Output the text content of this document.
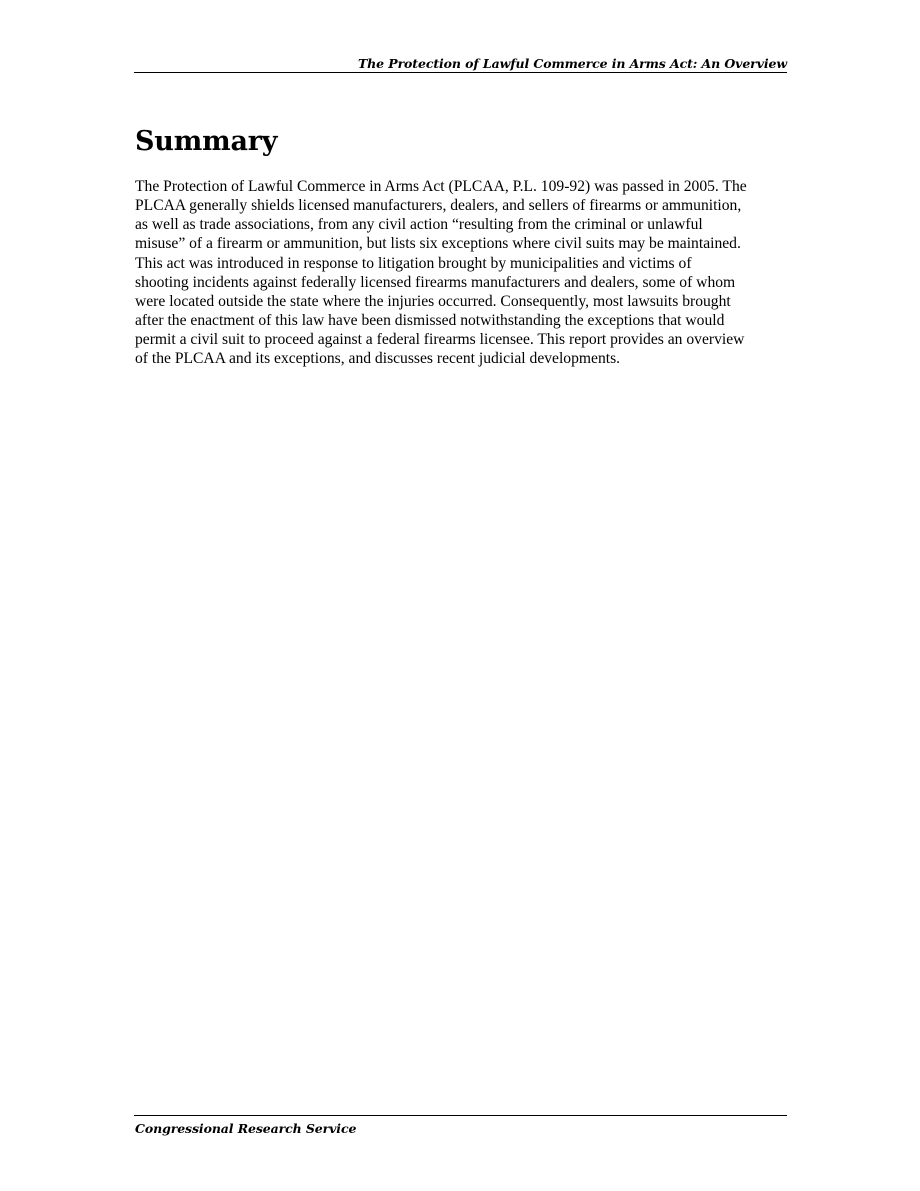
The Protection of Lawful Commerce in Arms Act: An Overview
Summary

The Protection of Lawful Commerce in Arms Act (PLCAA, P.L. 109-92) was passed in 2005. The
PLCAA generally shields licensed manufacturers, dealers, and sellers of firearms or ammunition,
as well as trade associations, from any civil action “resulting from the criminal or unlawful
misuse” of a firearm or ammunition, but lists six exceptions where civil suits may be maintained.
This act was introduced in response to litigation brought by municipalities and victims of
shooting incidents against federally licensed firearms manufacturers and dealers, some of whom
were located outside the state where the injuries occurred. Consequently, most lawsuits brought
after the enactment of this law have been dismissed notwithstanding the exceptions that would
permit a civil suit to proceed against a federal firearms licensee. This report provides an overview
of the PLCAA and its exceptions, and discusses recent judicial developments.

Congressional Research Service
